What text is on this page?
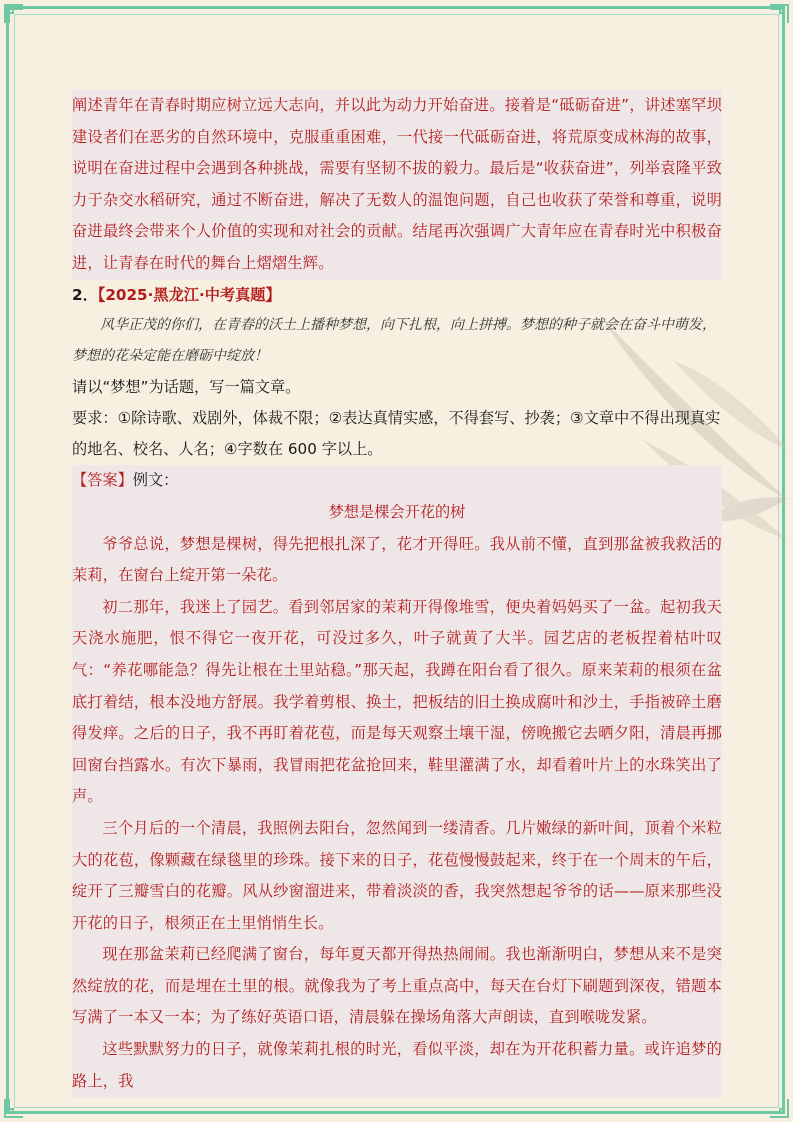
阐述青年在青春时期应树立远大志向，并以此为动力开始奋进。接着是“砥砺奋进”，讲述塞罕坝建设者们在恶劣的自然环境中，克服重重困难，一代接一代砥砺奋进，将荒原变成林海的故事，说明在奋进过程中会遇到各种挑战，需要有坚韧不拔的毅力。最后是“收获奋进”，列举袁隆平致力于杂交水稻研究，通过不断奋进，解决了无数人的温饱问题，自己也收获了荣誉和尊重，说明奋进最终会带来个人价值的实现和对社会的贡献。结尾再次强调广大青年应在青春时光中积极奋进，让青春在时代的舞台上熠熠生辉。

2．【2025·黑龙江·中考真题】

风华正茂的你们，在青春的沃土上播种梦想，向下扎根，向上拼搏。梦想的种子就会在奋斗中萌发，梦想的花朵定能在磨砺中绽放！

请以“梦想”为话题，写一篇文章。

要求：①除诗歌、戏剧外，体裁不限；②表达真情实感，不得套写、抄袭；③文章中不得出现真实的地名、校名、人名；④字数在 600 字以上。

【答案】例文：

梦想是棵会开花的树

爷爷总说，梦想是棵树，得先把根扎深了，花才开得旺。我从前不懂，直到那盆被我救活的茉莉，在窗台上绽开第一朵花。

初二那年，我迷上了园艺。看到邻居家的茉莉开得像堆雪，便央着妈妈买了一盆。起初我天天浇水施肥，恨不得它一夜开花，可没过多久，叶子就黄了大半。园艺店的老板捏着枯叶叹气：“养花哪能急？得先让根在土里站稳。”那天起，我蹲在阳台看了很久。原来茉莉的根须在盆底打着结，根本没地方舒展。我学着剪根、换土，把板结的旧土换成腐叶和沙土，手指被碎土磨得发痒。之后的日子，我不再盯着花苞，而是每天观察土壤干湿，傍晚搬它去晒夕阳，清晨再挪回窗台挡露水。有次下暴雨，我冒雨把花盆抢回来，鞋里灌满了水，却看着叶片上的水珠笑出了声。

三个月后的一个清晨，我照例去阳台，忽然闻到一缕清香。几片嫩绿的新叶间，顶着个米粒大的花苞，像颗藏在绿毯里的珍珠。接下来的日子，花苞慢慢鼓起来，终于在一个周末的午后，绽开了三瓣雪白的花瓣。风从纱窗溜进来，带着淡淡的香，我突然想起爷爷的话——原来那些没开花的日子，根须正在土里悄悄生长。

现在那盆茉莉已经爬满了窗台，每年夏天都开得热热闹闹。我也渐渐明白，梦想从来不是突然绽放的花，而是埋在土里的根。就像我为了考上重点高中，每天在台灯下刷题到深夜，错题本写满了一本又一本；为了练好英语口语，清晨躲在操场角落大声朗读，直到喉咙发紧。

这些默默努力的日子，就像茉莉扎根的时光，看似平淡，却在为开花积蓄力量。或许追梦的路上，我
